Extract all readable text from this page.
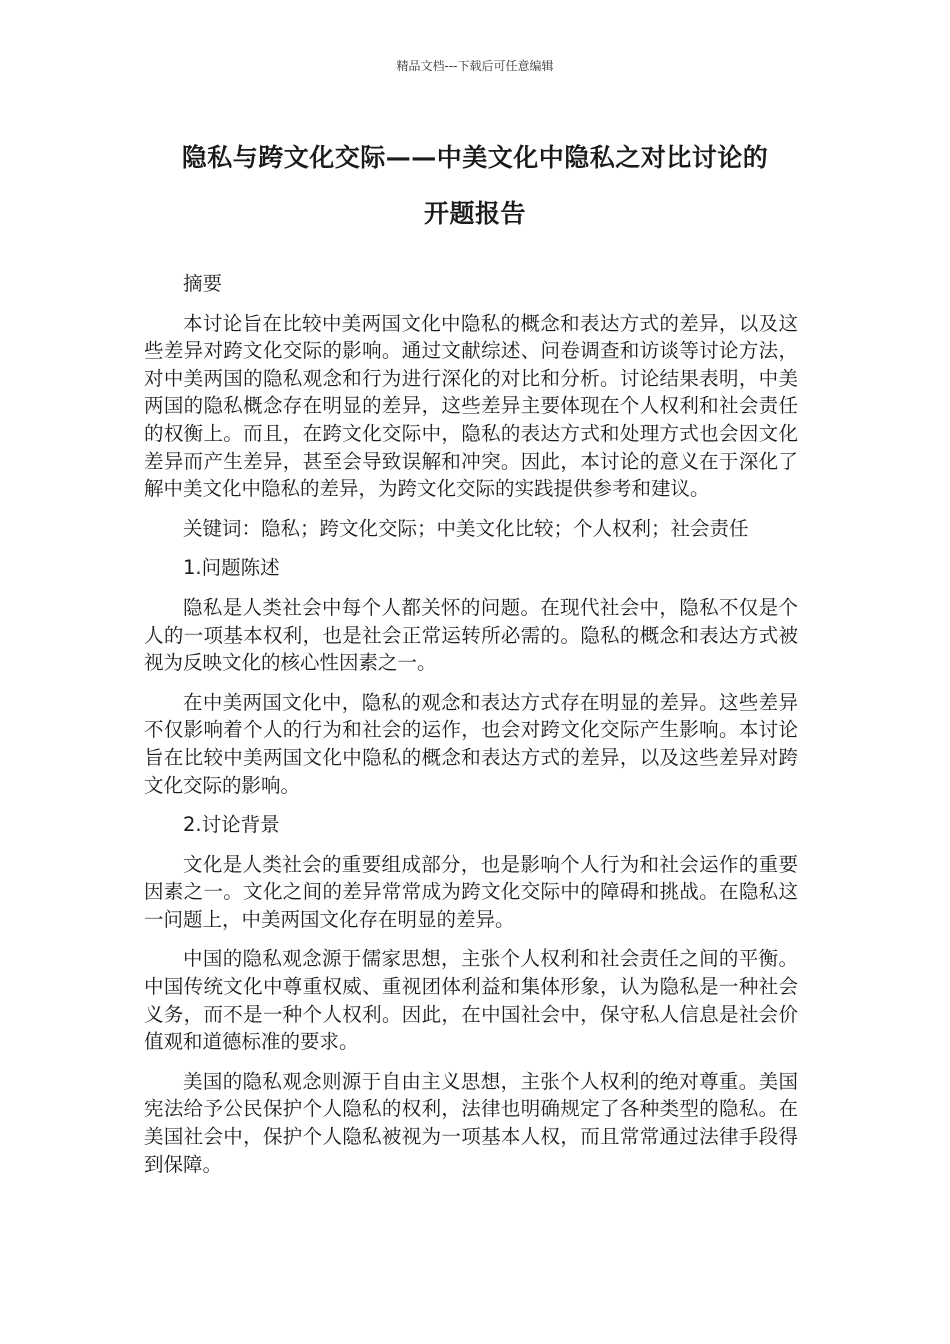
精品文档---下载后可任意编辑
隐私与跨文化交际——中美文化中隐私之对比讨论的
开题报告

摘要

本讨论旨在比较中美两国文化中隐私的概念和表达方式的差异，以及这些差异对跨文化交际的影响。通过文献综述、问卷调查和访谈等讨论方法，对中美两国的隐私观念和行为进行深化的对比和分析。讨论结果表明，中美两国的隐私概念存在明显的差异，这些差异主要体现在个人权利和社会责任的权衡上。而且，在跨文化交际中，隐私的表达方式和处理方式也会因文化差异而产生差异，甚至会导致误解和冲突。因此，本讨论的意义在于深化了解中美文化中隐私的差异，为跨文化交际的实践提供参考和建议。

关键词：隐私；跨文化交际；中美文化比较；个人权利；社会责任

1.问题陈述

隐私是人类社会中每个人都关怀的问题。在现代社会中，隐私不仅是个人的一项基本权利，也是社会正常运转所必需的。隐私的概念和表达方式被视为反映文化的核心性因素之一。

在中美两国文化中，隐私的观念和表达方式存在明显的差异。这些差异不仅影响着个人的行为和社会的运作，也会对跨文化交际产生影响。本讨论旨在比较中美两国文化中隐私的概念和表达方式的差异，以及这些差异对跨文化交际的影响。

2.讨论背景

文化是人类社会的重要组成部分，也是影响个人行为和社会运作的重要因素之一。文化之间的差异常常成为跨文化交际中的障碍和挑战。在隐私这一问题上，中美两国文化存在明显的差异。

中国的隐私观念源于儒家思想，主张个人权利和社会责任之间的平衡。中国传统文化中尊重权威、重视团体利益和集体形象，认为隐私是一种社会义务，而不是一种个人权利。因此，在中国社会中，保守私人信息是社会价值观和道德标准的要求。

美国的隐私观念则源于自由主义思想，主张个人权利的绝对尊重。美国宪法给予公民保护个人隐私的权利，法律也明确规定了各种类型的隐私。在美国社会中，保护个人隐私被视为一项基本人权，而且常常通过法律手段得到保障。
